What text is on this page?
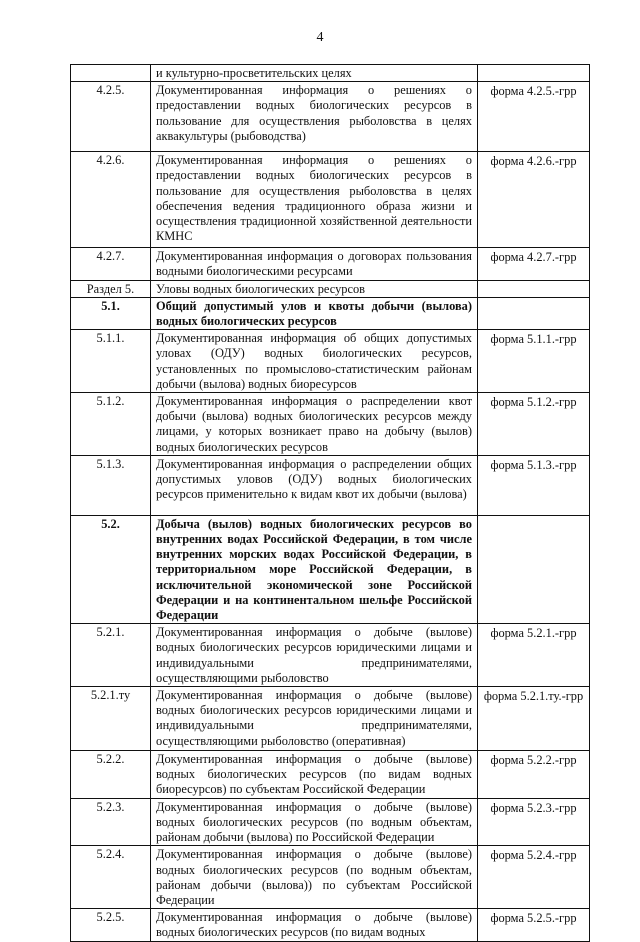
4
	и культурно-просветительских целях	
4.2.5.	Документированная информация о решениях о предоставлении водных биологических ресурсов в пользование для осуществления рыболовства в целях аквакультуры (рыбоводства)	форма 4.2.5.-грр
4.2.6.	Документированная информация о решениях о предоставлении водных биологических ресурсов в пользование для осуществления рыболовства в целях обеспечения ведения традиционного образа жизни и осуществления традиционной хозяйственной деятельности КМНС	форма 4.2.6.-грр
4.2.7.	Документированная информация о договорах пользования водными биологическими ресурсами	форма 4.2.7.-грр
Раздел 5.	Уловы водных биологических ресурсов	
5.1.	Общий допустимый улов и квоты добычи (вылова) водных биологических ресурсов	
5.1.1.	Документированная информация об общих допустимых уловах (ОДУ) водных биологических ресурсов, установленных по промыслово-статистическим районам добычи (вылова) водных биоресурсов	форма 5.1.1.-грр
5.1.2.	Документированная информация о распределении квот добычи (вылова) водных биологических ресурсов между лицами, у которых возникает право на добычу (вылов) водных биологических ресурсов	форма 5.1.2.-грр
5.1.3.	Документированная информация о распределении общих допустимых уловов (ОДУ) водных биологических ресурсов применительно к видам квот их добычи (вылова)	форма 5.1.3.-грр
5.2.	Добыча (вылов) водных биологических ресурсов во внутренних водах Российской Федерации, в том числе внутренних морских водах Российской Федерации, в территориальном море Российской Федерации, в исключительной экономической зоне Российской Федерации и на континентальном шельфе Российской Федерации	
5.2.1.	Документированная информация о добыче (вылове) водных биологических ресурсов юридическими лицами и индивидуальными предпринимателями, осуществляющими рыболовство	форма 5.2.1.-грр
5.2.1.ту	Документированная информация о добыче (вылове) водных биологических ресурсов юридическими лицами и индивидуальными предпринимателями, осуществляющими рыболовство (оперативная)	форма 5.2.1.ту.-грр
5.2.2.	Документированная информация о добыче (вылове) водных биологических ресурсов (по видам водных биоресурсов) по субъектам Российской Федерации	форма 5.2.2.-грр
5.2.3.	Документированная информация о добыче (вылове) водных биологических ресурсов (по водным объектам, районам добычи (вылова) по Российской Федерации	форма 5.2.3.-грр
5.2.4.	Документированная информация о добыче (вылове) водных биологических ресурсов (по водным объектам, районам добычи (вылова)) по субъектам Российской Федерации	форма 5.2.4.-грр
5.2.5.	Документированная информация о добыче (вылове) водных биологических ресурсов (по видам водных	форма 5.2.5.-грр
